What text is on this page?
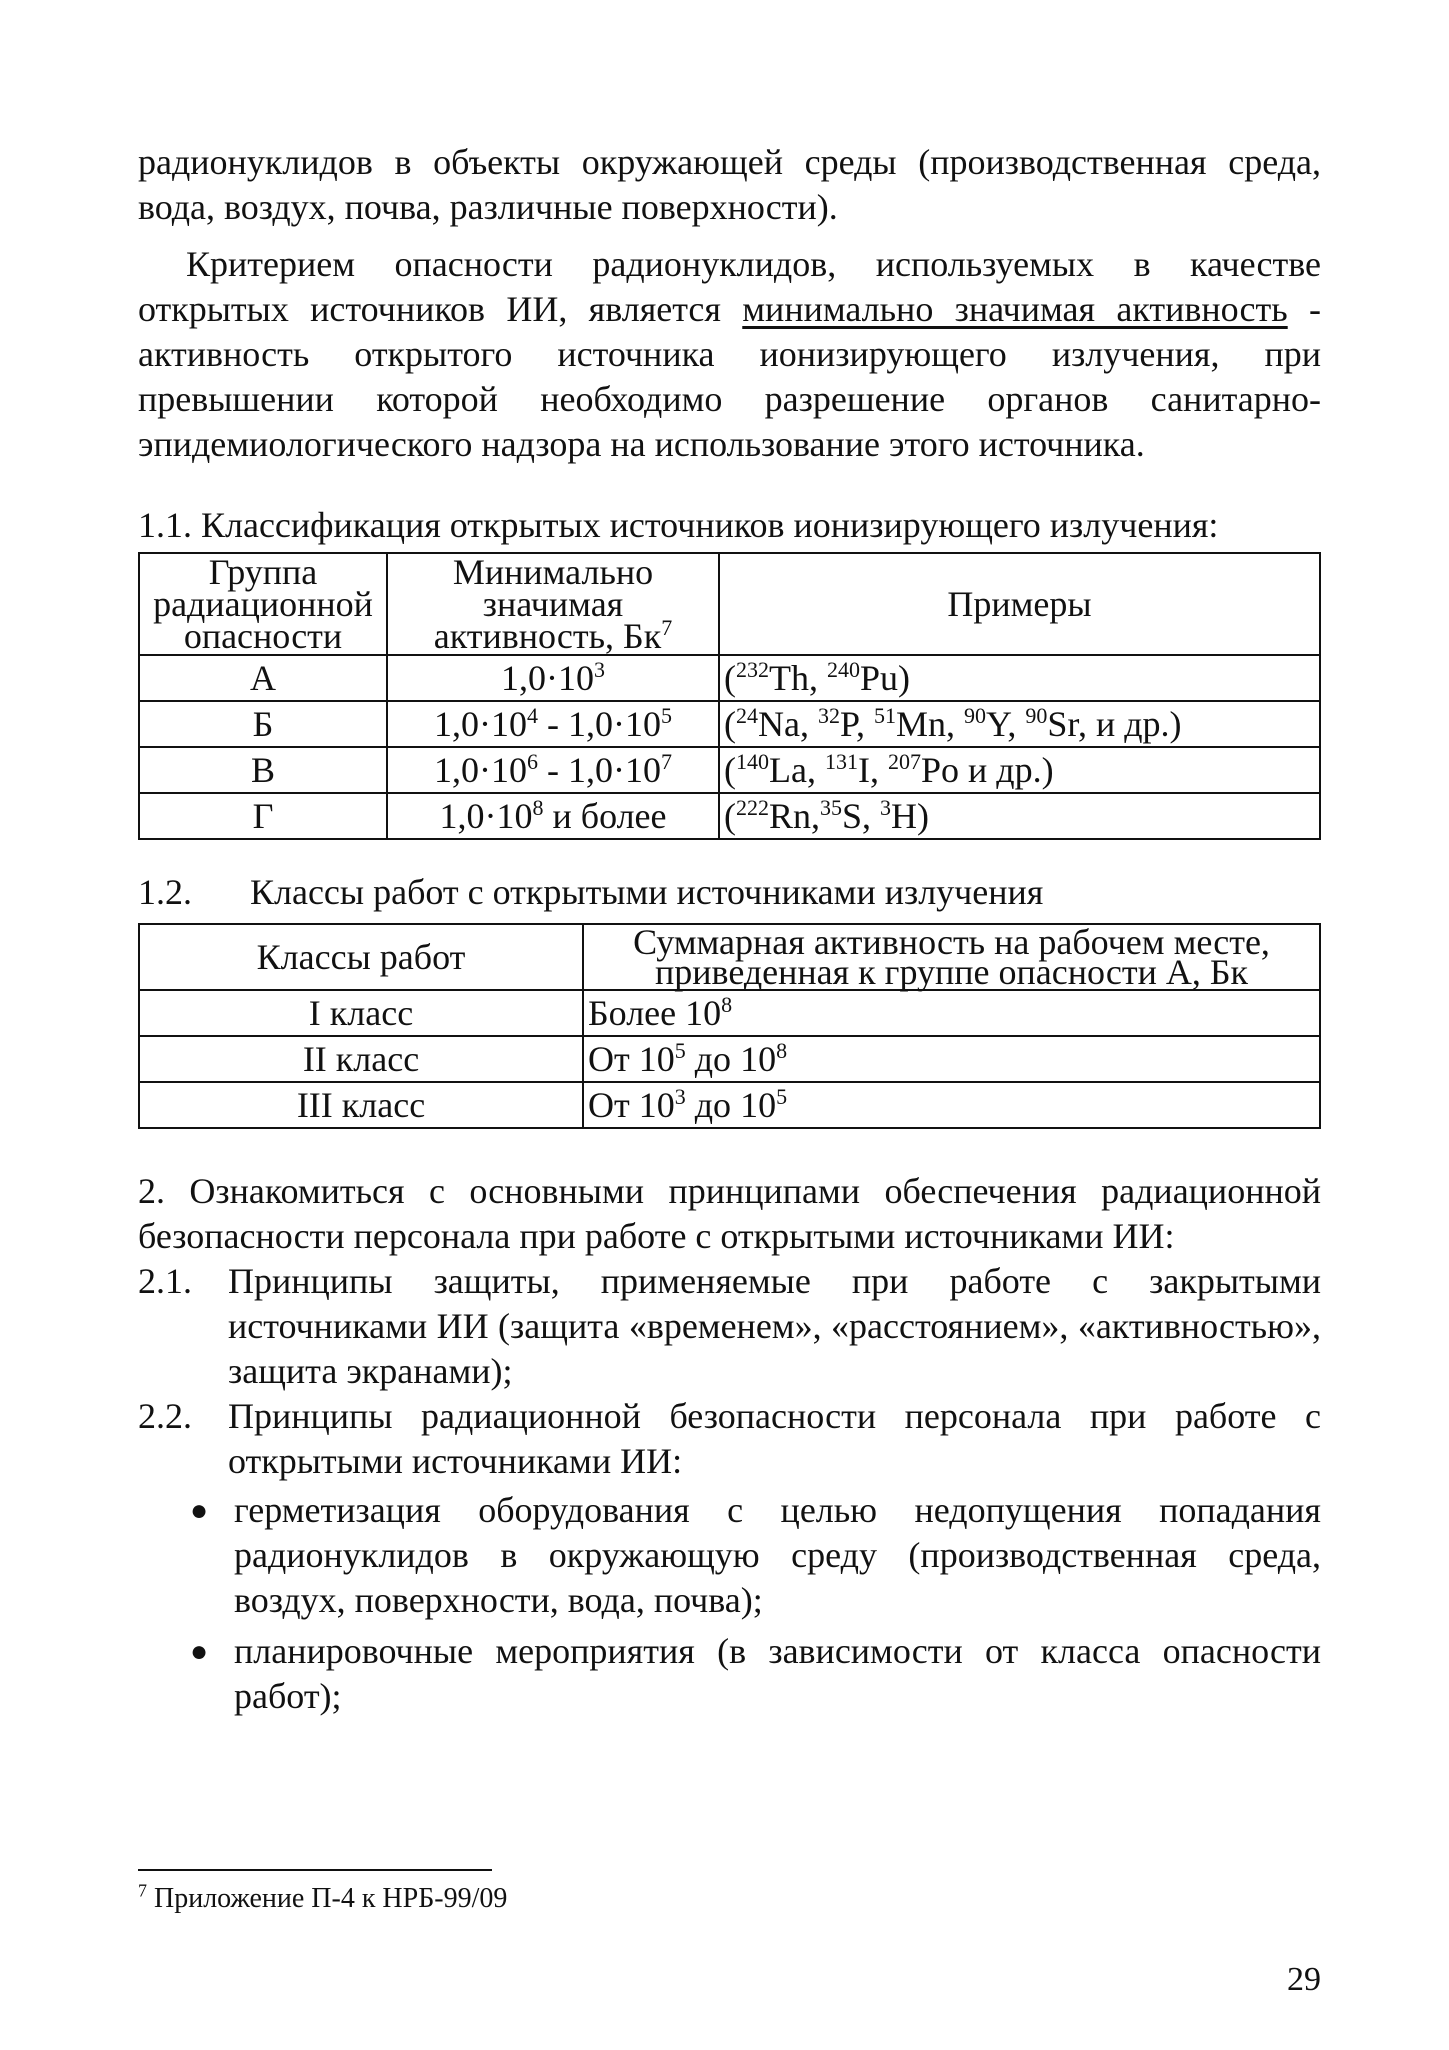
радионуклидов в объекты окружающей среды (производственная среда, вода, воздух, почва, различные поверхности).

Критерием опасности радионуклидов, используемых в качестве открытых источников ИИ, является минимально значимая активность - активность открытого источника ионизирующего излучения, при превышении которой необходимо разрешение органов санитарно-эпидемиологического надзора на использование этого источника.

1.1. Классификация открытых источников ионизирующего излучения:

Группа радиационной опасности	Минимально значимая активность, $Бк^7$	Примеры
А	$1,0\cdot 10^3$	($^{232}$Th, $^{240}$Pu)
Б	$1,0\cdot 10^4 - 1,0\cdot 10^5$	($^{24}$Na, $^{32}$P, $^{51}$Mn, $^{90}$Y, $^{90}$Sr, и др.)
В	$1,0\cdot 10^6 - 1,0\cdot 10^7$	($^{140}$La, $^{131}$I, $^{207}$Po и др.)
Г	$1,0\cdot 10^8$ и более	($^{222}$Rn,$^{35}$S, $^3$H)

1.2. Классы работ с открытыми источниками излучения

Классы работ	Суммарная активность на рабочем месте, приведенная к группе опасности А, Бк
I класс	Более $10^8$
II класс	От $10^5$ до $10^8$
III класс	От $10^3$ до $10^5$

2. Ознакомиться с основными принципами обеспечения радиационной безопасности персонала при работе с открытыми источниками ИИ:

2.1.	Принципы защиты, применяемые при работе с закрытыми источниками ИИ (защита «временем», «расстоянием», «активностью», защита экранами);
2.2.	Принципы радиационной безопасности персонала при работе с открытыми источниками ИИ:
● герметизация оборудования с целью недопущения попадания радионуклидов в окружающую среду (производственная среда, воздух, поверхности, вода, почва);
● планировочные мероприятия (в зависимости от класса опасности работ);
$^7$ Приложение П-4 к НРБ-99/09
29
